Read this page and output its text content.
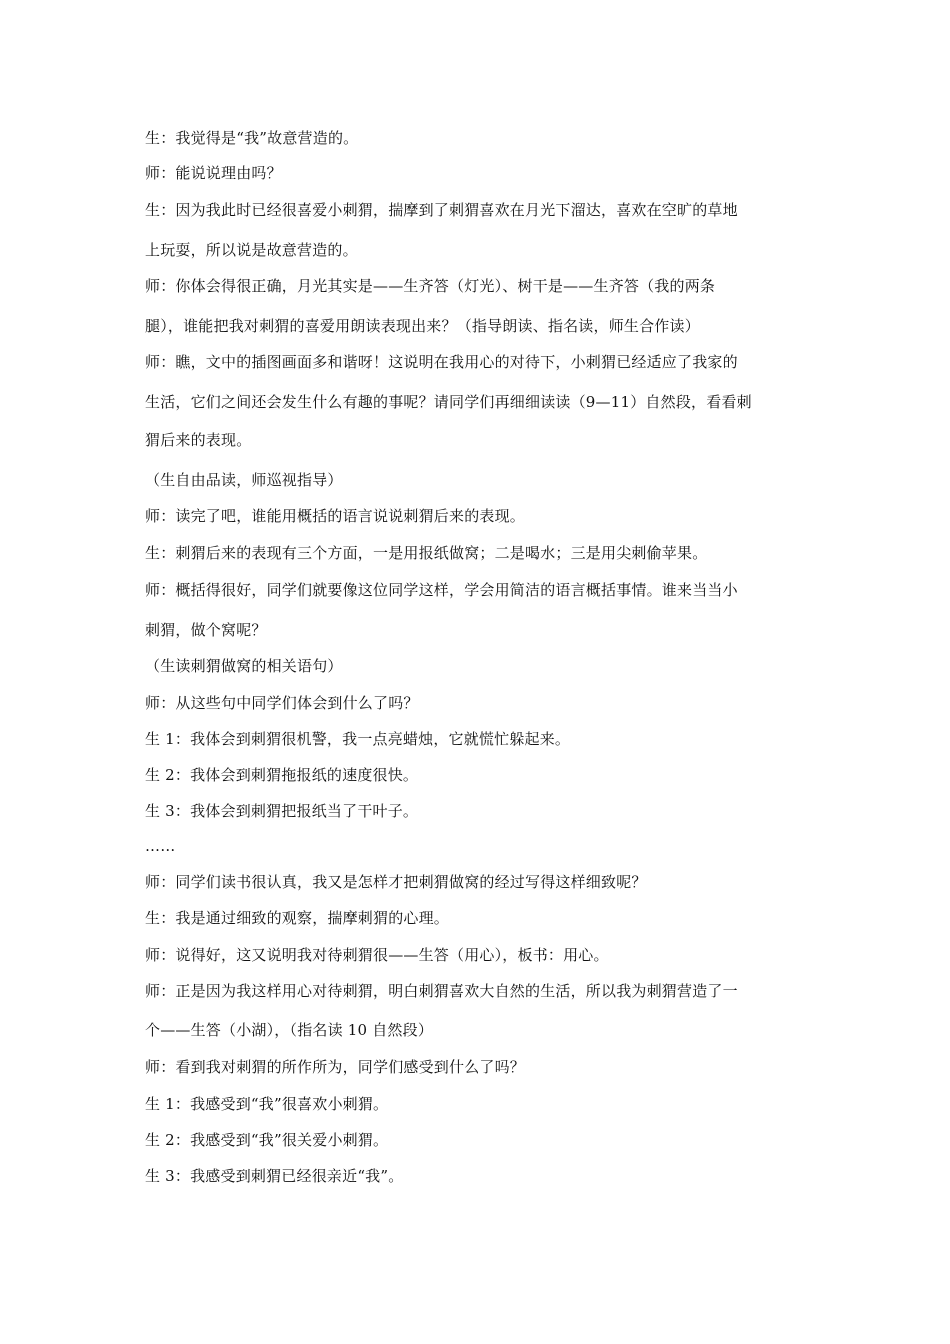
生：我觉得是“我”故意营造的。
师：能说说理由吗？
生：因为我此时已经很喜爱小刺猬，揣摩到了刺猬喜欢在月光下溜达，喜欢在空旷的草地
上玩耍，所以说是故意营造的。
师：你体会得很正确，月光其实是——生齐答（灯光）、树干是——生齐答（我的两条
腿），谁能把我对刺猬的喜爱用朗读表现出来？（指导朗读、指名读，师生合作读）
师：瞧，文中的插图画面多和谐呀！这说明在我用心的对待下，小刺猬已经适应了我家的
生活，它们之间还会发生什么有趣的事呢？请同学们再细细读读（9—11）自然段，看看刺
猬后来的表现。
（生自由品读，师巡视指导）
师：读完了吧，谁能用概括的语言说说刺猬后来的表现。
生：刺猬后来的表现有三个方面，一是用报纸做窝；二是喝水；三是用尖刺偷苹果。
师：概括得很好，同学们就要像这位同学这样，学会用简洁的语言概括事情。谁来当当小
刺猬，做个窝呢？
（生读刺猬做窝的相关语句）
师：从这些句中同学们体会到什么了吗？
生 1：我体会到刺猬很机警，我一点亮蜡烛，它就慌忙躲起来。
生 2：我体会到刺猬拖报纸的速度很快。
生 3：我体会到刺猬把报纸当了干叶子。
……
师：同学们读书很认真，我又是怎样才把刺猬做窝的经过写得这样细致呢？
生：我是通过细致的观察，揣摩刺猬的心理。
师：说得好，这又说明我对待刺猬很——生答（用心），板书：用心。
师：正是因为我这样用心对待刺猬，明白刺猬喜欢大自然的生活，所以我为刺猬营造了一
个——生答（小湖），（指名读 10 自然段）
师：看到我对刺猬的所作所为，同学们感受到什么了吗？
生 1：我感受到“我”很喜欢小刺猬。
生 2：我感受到“我”很关爱小刺猬。
生 3：我感受到刺猬已经很亲近“我”。
